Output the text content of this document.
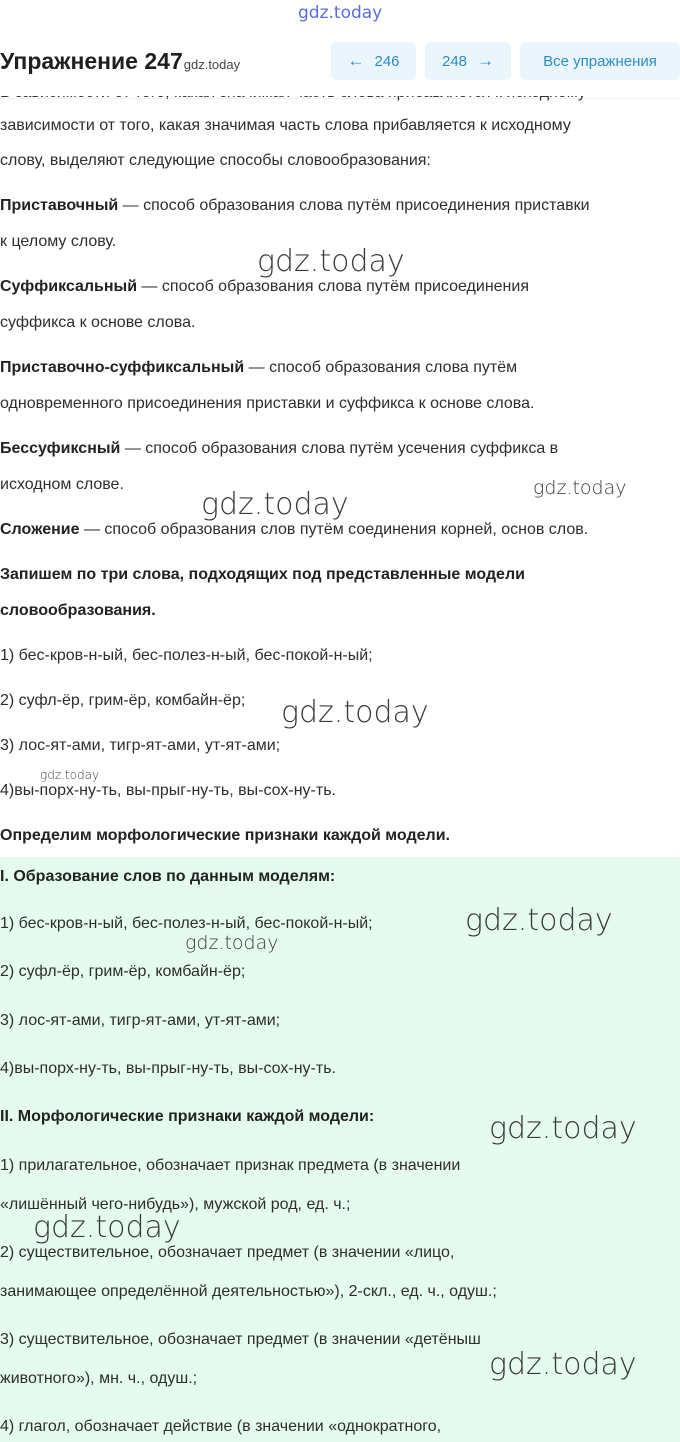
gdz.today
Упражнение 247gdz.today	← 246	248 →	Все упражнения
зависимости от того, какая значимая часть слова прибавляется к исходному
слову, выделяют следующие способы словообразования:
Приставочный — способ образования слова путём присоединения приставки
к целому слову.
Суффиксальный — способ образования слова путём присоединения
суффикса к основе слова.
Приставочно-суффиксальный — способ образования слова путём
одновременного присоединения приставки и суффикса к основе слова.
Бессуфиксный — способ образования слова путём усечения суффикса в
исходном слове.
Сложение — способ образования слов путём соединения корней, основ слов.
Запишем по три слова, подходящих под представленные модели
словообразования.
1) бес-кров-н-ый, бес-полез-н-ый, бес-покой-н-ый;
2) суфл-ёр, грим-ёр, комбайн-ёр;
3) лос-ят-ами, тигр-ят-ами, ут-ят-ами;
4)вы-порх-ну-ть, вы-прыг-ну-ть, вы-сох-ну-ть.
Определим морфологические признаки каждой модели.
I. Образование слов по данным моделям:
1) бес-кров-н-ый, бес-полез-н-ый, бес-покой-н-ый;
2) суфл-ёр, грим-ёр, комбайн-ёр;
3) лос-ят-ами, тигр-ят-ами, ут-ят-ами;
4)вы-порх-ну-ть, вы-прыг-ну-ть, вы-сох-ну-ть.
II. Морфологические признаки каждой модели:
1) прилагательное, обозначает признак предмета (в значении
«лишённый чего-нибудь»), мужской род, ед. ч.;
2) существительное, обозначает предмет (в значении «лицо,
занимающее определённой деятельностью»), 2-скл., ед. ч., одуш.;
3) существительное, обозначает предмет (в значении «детёныш
животного»), мн. ч., одуш.;
4) глагол, обозначает действие (в значении «однократного,
gdz.today
gdz.today	gdz.today
gdz.today
gdz.today
gdz.today
gdz.today
gdz.today
gdz.today
gdz.today
